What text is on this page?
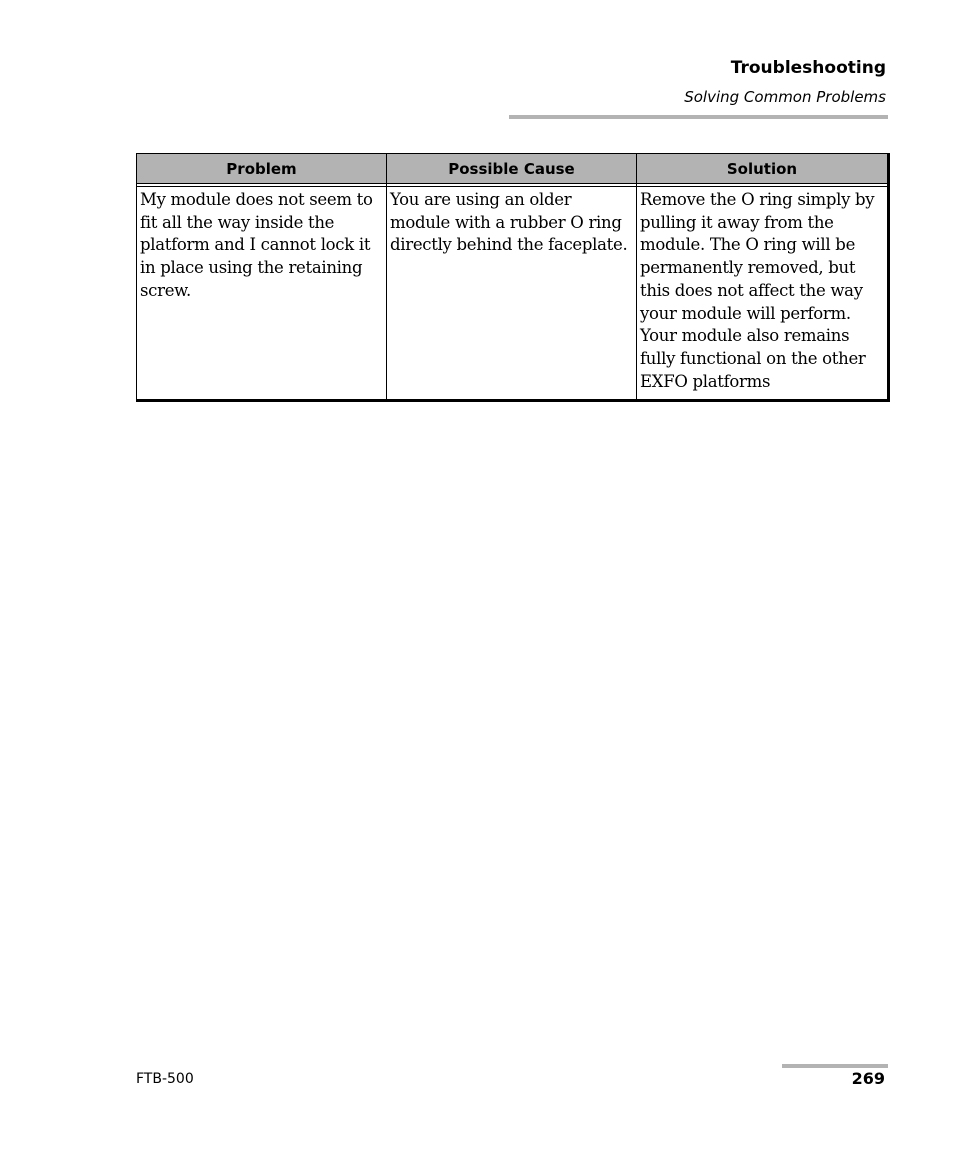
Troubleshooting
Solving Common Problems
Problem	Possible Cause	Solution

My module does not seem to fit all the way inside the platform and I cannot lock it in place using the retaining screw.	You are using an older module with a rubber O ring directly behind the faceplate.	Remove the O ring simply by pulling it away from the module. The O ring will be permanently removed, but this does not affect the way your module will perform. Your module also remains fully functional on the other EXFO platforms
FTB-500	269
